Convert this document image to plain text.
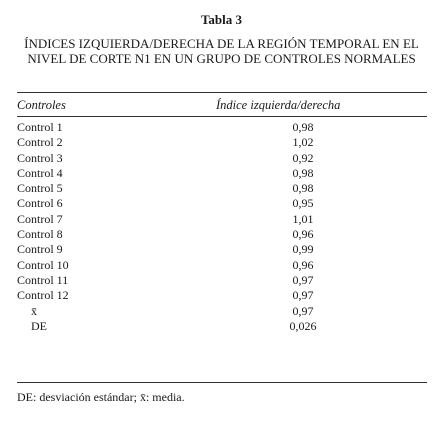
Tabla 3
ÍNDICES IZQUIERDA/DERECHA DE LA REGIÓN TEMPORAL EN EL NIVEL DE CORTE N1 EN UN GRUPO DE CONTROLES NORMALES
Controles	Índice izquierda/derecha
Control 1	0,98
Control 2	1,02
Control 3	0,92
Control 4	0,98
Control 5	0,98
Control 6	0,95
Control 7	1,01
Control 8	0,96
Control 9	0,99
Control 10	0,96
Control 11	0,97
Control 12	0,97
x̄	0,97
DE	0,026
DE: desviación estándar; x̄: media.
